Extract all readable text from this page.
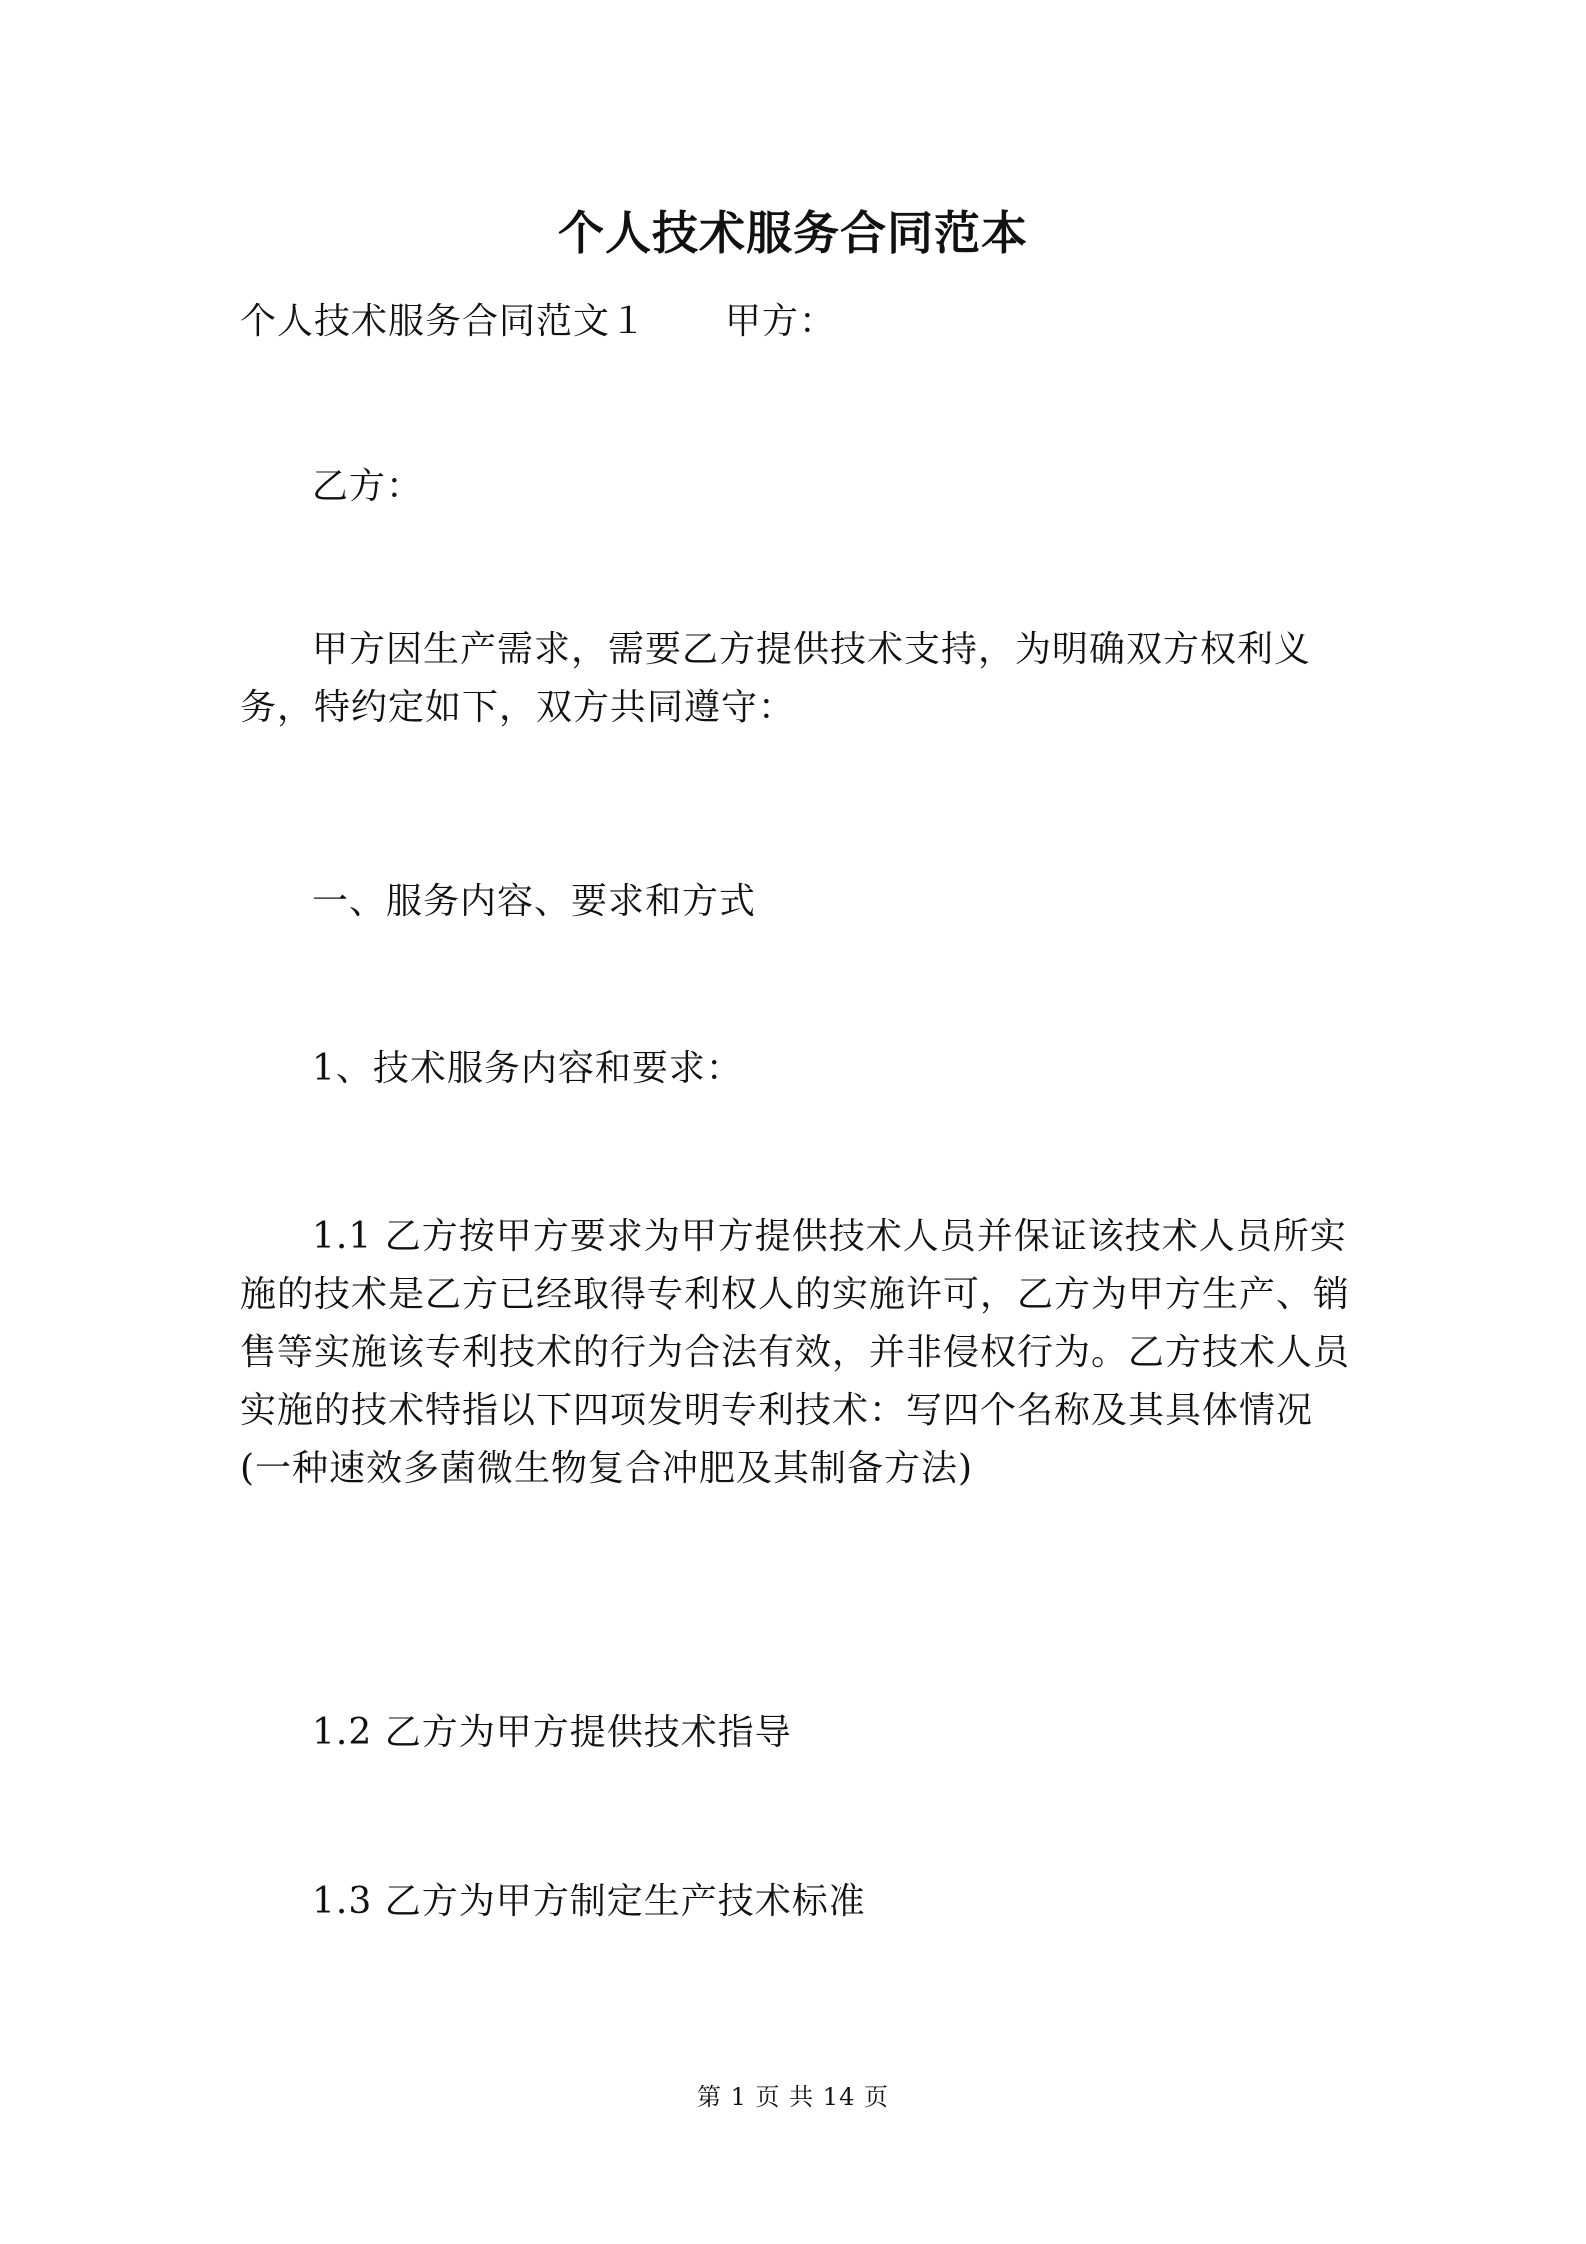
个人技术服务合同范本

个人技术服务合同范文１ 甲方：

乙方：

甲方因生产需求，需要乙方提供技术支持，为明确双方权利义务，特约定如下，双方共同遵守：

一、服务内容、要求和方式

1、技术服务内容和要求：

1.1 乙方按甲方要求为甲方提供技术人员并保证该技术人员所实施的技术是乙方已经取得专利权人的实施许可，乙方为甲方生产、销售等实施该专利技术的行为合法有效，并非侵权行为。乙方技术人员实施的技术特指以下四项发明专利技术：写四个名称及其具体情况(一种速效多菌微生物复合冲肥及其制备方法)

1.2 乙方为甲方提供技术指导

1.3 乙方为甲方制定生产技术标准

第 1 页 共 14 页
